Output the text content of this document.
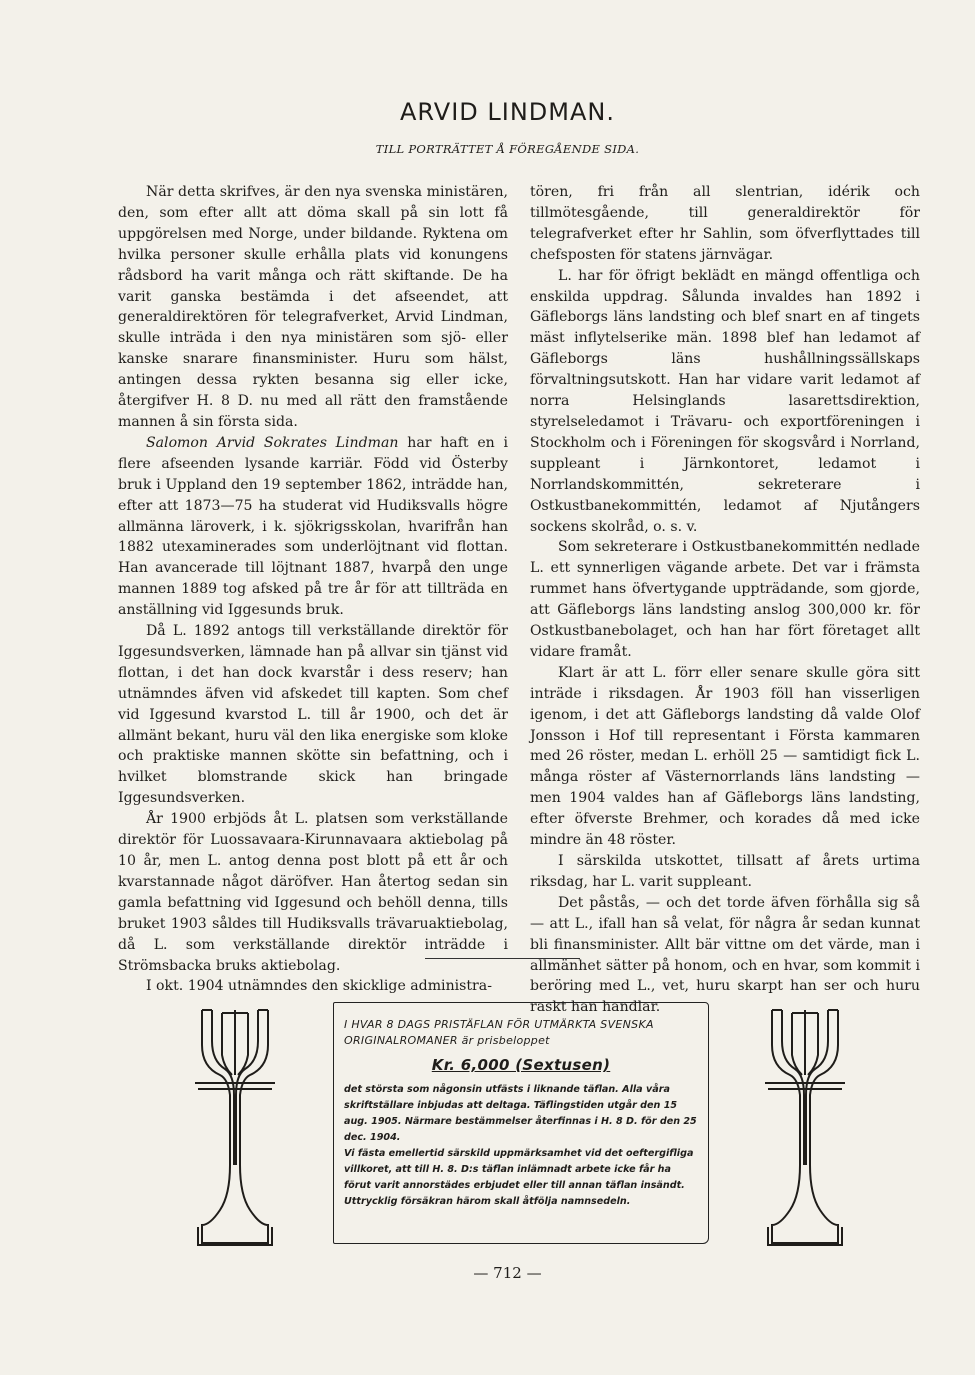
ARVID LINDMAN.
TILL PORTRÄTTET Å FÖREGÅENDE SIDA.

När detta skrifves, är den nya svenska ministären, den, som efter allt att döma skall på sin lott få uppgörelsen med Norge, under bildande. Ryktena om hvilka personer skulle erhålla plats vid konungens rådsbord ha varit många och rätt skiftande. De ha varit ganska bestämda i det afseendet, att generaldirektören för telegrafverket, Arvid Lindman, skulle inträda i den nya ministären som sjö- eller kanske snarare finansminister. Huru som hälst, antingen dessa rykten besanna sig eller icke, återgifver H. 8 D. nu med all rätt den framstående mannen å sin första sida.

Salomon Arvid Sokrates Lindman har haft en i flere afseenden lysande karriär. Född vid Österby bruk i Uppland den 19 september 1862, inträdde han, efter att 1873—75 ha studerat vid Hudiksvalls högre allmänna läroverk, i k. sjökrigsskolan, hvarifrån han 1882 utexaminerades som underlöjtnant vid flottan. Han avancerade till löjtnant 1887, hvarpå den unge mannen 1889 tog afsked på tre år för att tillträda en anställning vid Iggesunds bruk.

Då L. 1892 antogs till verkställande direktör för Iggesundsverken, lämnade han på allvar sin tjänst vid flottan, i det han dock kvarstår i dess reserv; han utnämndes äfven vid afskedet till kapten. Som chef vid Iggesund kvarstod L. till år 1900, och det är allmänt bekant, huru väl den lika energiske som kloke och praktiske mannen skötte sin befattning, och i hvilket blomstrande skick han bringade Iggesundsverken.

År 1900 erbjöds åt L. platsen som verkställande direktör för Luossavaara-Kirunnavaara aktiebolag på 10 år, men L. antog denna post blott på ett år och kvarstannade något däröfver. Han återtog sedan sin gamla befattning vid Iggesund och behöll denna, tills bruket 1903 såldes till Hudiksvalls trävaruaktiebolag, då L. som verkställande direktör inträdde i Strömsbacka bruks aktiebolag.

I okt. 1904 utnämndes den skicklige administra-

tören, fri från all slentrian, idérik och tillmötesgående, till generaldirektör för telegrafverket efter hr Sahlin, som öfverflyttades till chefsposten för statens järnvägar.

L. har för öfrigt beklädt en mängd offentliga och enskilda uppdrag. Sålunda invaldes han 1892 i Gäfleborgs läns landsting och blef snart en af tingets mäst inflytelserike män. 1898 blef han ledamot af Gäfleborgs läns hushållningssällskaps förvaltningsutskott. Han har vidare varit ledamot af norra Helsinglands lasarettsdirektion, styrelseledamot i Trävaru- och exportföreningen i Stockholm och i Föreningen för skogsvård i Norrland, suppleant i Järnkontoret, ledamot i Norrlandskommittén, sekreterare i Ostkustbanekommittén, ledamot af Njutångers sockens skolråd, o. s. v.

Som sekreterare i Ostkustbanekommittén nedlade L. ett synnerligen vägande arbete. Det var i främsta rummet hans öfvertygande uppträdande, som gjorde, att Gäfleborgs läns landsting anslog 300,000 kr. för Ostkustbanebolaget, och han har fört företaget allt vidare framåt.

Klart är att L. förr eller senare skulle göra sitt inträde i riksdagen. År 1903 föll han visserligen igenom, i det att Gäfleborgs landsting då valde Olof Jonsson i Hof till representant i Första kammaren med 26 röster, medan L. erhöll 25 — samtidigt fick L. många röster af Västernorrlands läns landsting — men 1904 valdes han af Gäfleborgs läns landsting, efter öfverste Brehmer, och korades då med icke mindre än 48 röster.

I särskilda utskottet, tillsatt af årets urtima riksdag, har L. varit suppleant.

Det påstås, — och det torde äfven förhålla sig så — att L., ifall han så velat, för några år sedan kunnat bli finansminister. Allt bär vittne om det värde, man i allmänhet sätter på honom, och en hvar, som kommit i beröring med L., vet, huru skarpt han ser och huru raskt han handlar.

I HVAR 8 DAGS PRISTÄFLAN FÖR UTMÄRKTA SVENSKA ORIGINALROMANER är prisbeloppet
Kr. 6,000 (Sextusen)
det största som någonsin utfästs i liknande täflan. Alla våra skriftställare inbjudas att deltaga. Täflingstiden utgår den 15 aug. 1905. Närmare bestämmelser återfinnas i H. 8 D. för den 25 dec. 1904.
Vi fästa emellertid särskild uppmärksamhet vid det oeftergifliga villkoret, att till H. 8. D:s täflan inlämnadt arbete icke får ha förut varit annorstädes erbjudet eller till annan täflan insändt. Uttrycklig försäkran härom skall åtfölja namnsedeln.
— 712 —
